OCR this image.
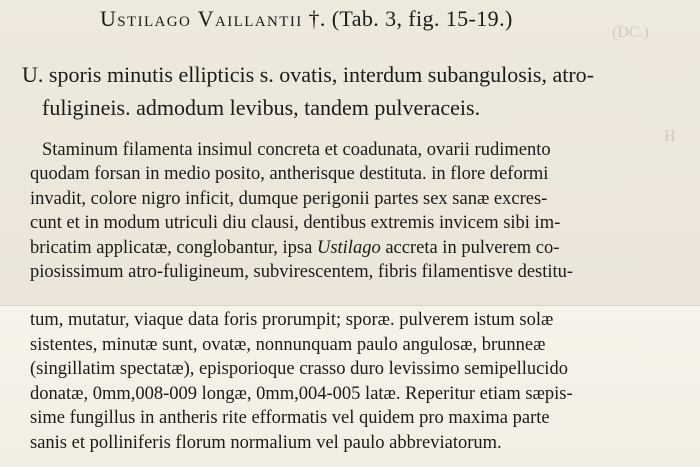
(DC.)
H
Ustilago Vaillantii †. (Tab. 3, fig. 15-19.)
U. sporis minutis ellipticis s. ovatis, interdum subangulosis, atro-
fuligineis. admodum levibus, tandem pulveraceis.
Staminum filamenta insimul concreta et coadunata, ovarii rudimento
quodam forsan in medio posito, antherisque destituta. in flore deformi
invadit, colore nigro inficit, dumque perigonii partes sex sanæ excres-
cunt et in modum utriculi diu clausi, dentibus extremis invicem sibi im-
bricatim applicatæ, conglobantur, ipsa Ustilago accreta in pulverem co-
piosissimum atro-fuligineum, subvirescentem, fibris filamentisve destitu-
tum, mutatur, viaque data foris prorumpit; sporæ. pulverem istum solæ
sistentes, minutæ sunt, ovatæ, nonnunquam paulo angulosæ, brunneæ
(singillatim spectatæ), episporioque crasso duro levissimo semipellucido
donatæ, 0mm,008-009 longæ, 0mm,004-005 latæ. Reperitur etiam sæpis-
sime fungillus in antheris rite efformatis vel quidem pro maxima parte
sanis et polliniferis florum normalium vel paulo abbreviatorum.
